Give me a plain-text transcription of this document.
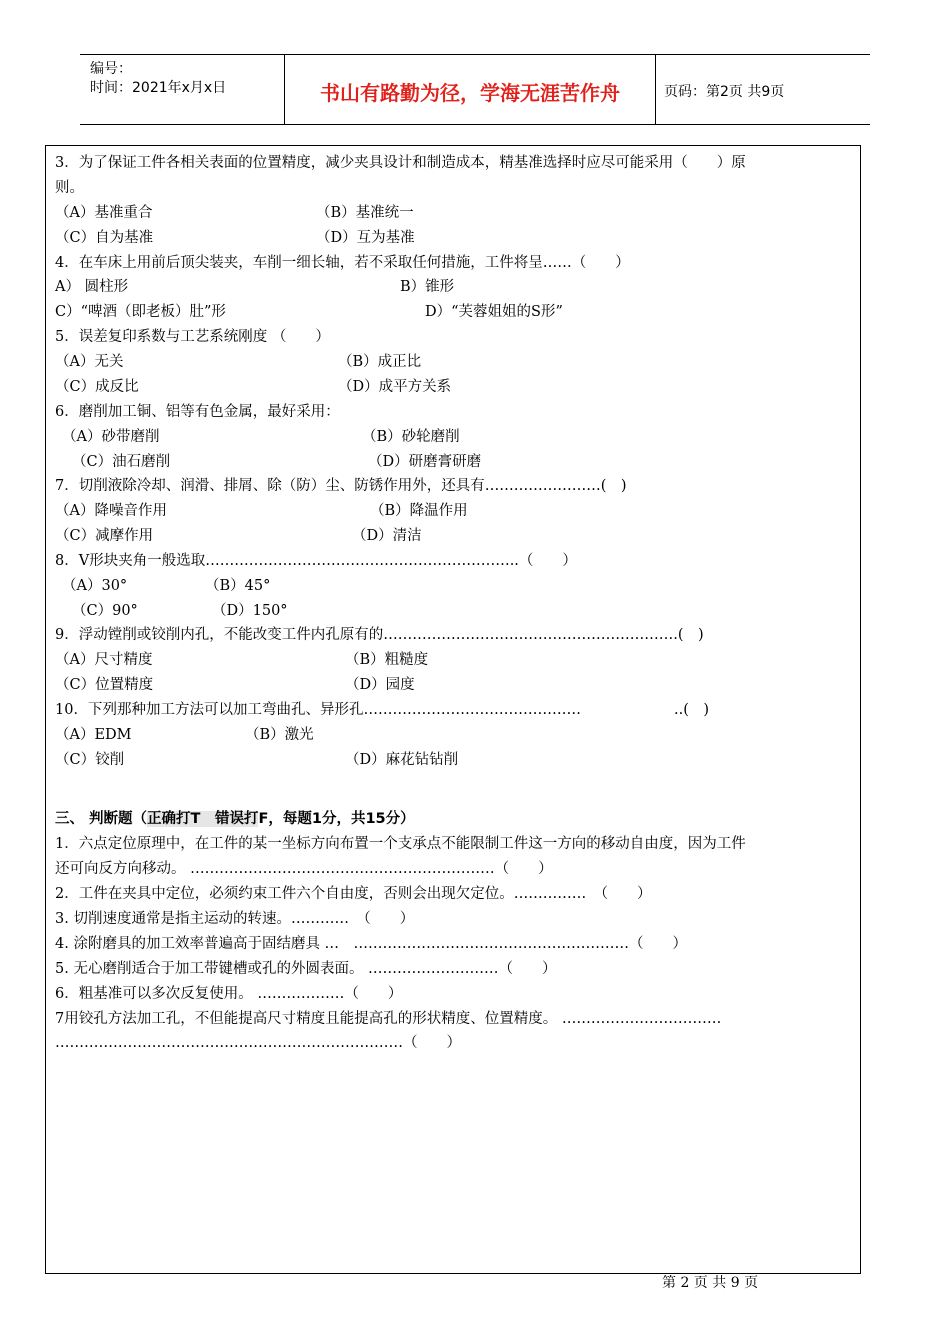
编号：
时间：2021年x月x日	书山有路勤为径，学海无涯苦作舟	页码：第2页 共9页
3．为了保证工件各相关表面的位置精度，减少夹具设计和制造成本，精基准选择时应尽可能采用（　　）原
则。
（A）基准重合	（B）基准统一
（C）自为基准	（D）互为基准
4．在车床上用前后顶尖装夹，车削一细长轴，若不采取任何措施，工件将呈……（　　）
A） 圆柱形	B）锥形
C）“啤酒（即老板）肚”形	D）“芙蓉姐姐的S形”
5．误差复印系数与工艺系统刚度 （　　）
（A）无关	（B）成正比
（C）成反比	（D）成平方关系
6．磨削加工铜、铝等有色金属，最好采用：
（A）砂带磨削	（B）砂轮磨削
（C）油石磨削	（D）研磨膏研磨
7．切削液除冷却、润滑、排屑、除（防）尘、防锈作用外，还具有……………………(　)
（A）降噪音作用	（B）降温作用
（C）减摩作用	（D）清洁
8．V形块夹角一般选取………………………………………………………..（　　）
（A）30°	（B）45°
（C）90°	（D）150°
9．浮动镗削或铰削内孔，不能改变工件内孔原有的…………………………………………………….(　)
（A）尺寸精度	（B）粗糙度
（C）位置精度	（D）园度
10．下列那种加工方法可以加工弯曲孔、异形孔………………………………………	..(　)
（A）EDM	（B）激光
（C）铰削	（D）麻花钻钻削
三、 判断题（正确打T　错误打F，每题1分，共15分）
1．六点定位原理中，在工件的某一坐标方向布置一个支承点不能限制工件这一方向的移动自由度，因为工件
还可向反方向移动。 ………………………………………………………（　　）
2．工件在夹具中定位，必须约束工件六个自由度，否则会出现欠定位。……………　（　　）
3. 切削速度通常是指主运动的转速。…………　（　　）
4. 涂附磨具的加工效率普遍高于固结磨具 …　…………………………………………………（　　）
5. 无心磨削适合于加工带键槽或孔的外圆表面。 ………………………（　　）
6．粗基准可以多次反复使用。 ………………（　　）
7用铰孔方法加工孔，不但能提高尺寸精度且能提高孔的形状精度、位置精度。 ……………………………
………………………………………………………………（　　）
第 2 页 共 9 页
